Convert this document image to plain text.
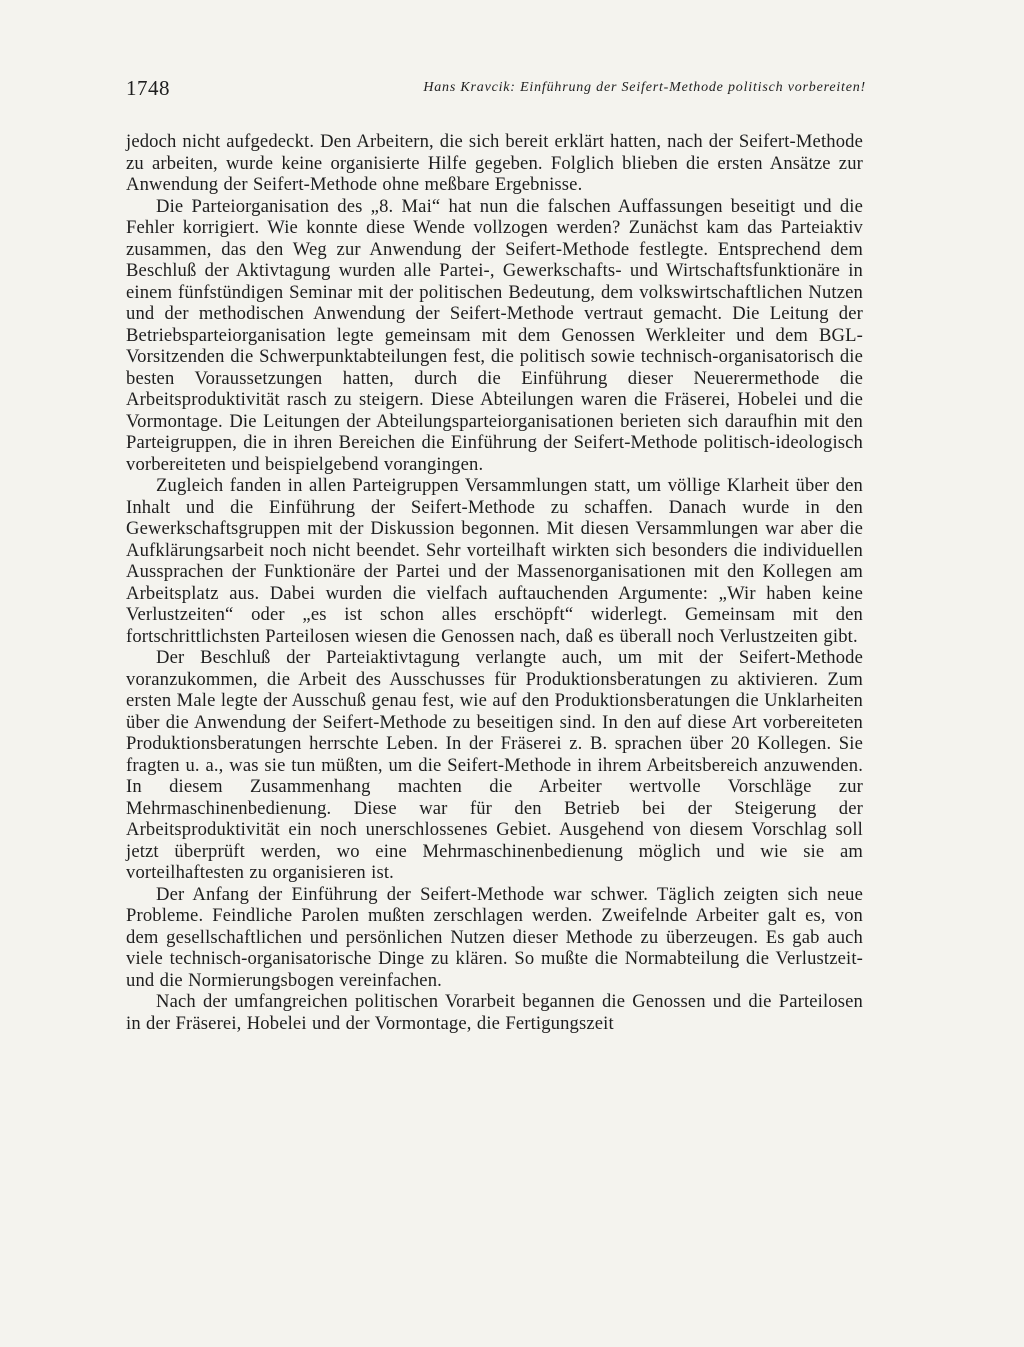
1748	Hans Kravcik: Einführung der Seifert-Methode politisch vorbereiten!

jedoch nicht aufgedeckt. Den Arbeitern, die sich bereit erklärt hatten, nach der Seifert-Methode zu arbeiten, wurde keine organisierte Hilfe gegeben. Folglich blieben die ersten Ansätze zur Anwendung der Seifert-Methode ohne meßbare Ergebnisse.

Die Parteiorganisation des „8. Mai“ hat nun die falschen Auffassungen beseitigt und die Fehler korrigiert. Wie konnte diese Wende vollzogen werden? Zunächst kam das Parteiaktiv zusammen, das den Weg zur Anwendung der Seifert-Methode festlegte. Entsprechend dem Beschluß der Aktivtagung wurden alle Partei-, Gewerkschafts- und Wirtschaftsfunktionäre in einem fünfstündigen Seminar mit der politischen Bedeutung, dem volkswirtschaftlichen Nutzen und der methodischen Anwendung der Seifert-Methode vertraut gemacht. Die Leitung der Betriebsparteiorganisation legte gemeinsam mit dem Genossen Werkleiter und dem BGL-Vorsitzenden die Schwerpunktabteilungen fest, die politisch sowie technisch-organisatorisch die besten Voraussetzungen hatten, durch die Einführung dieser Neuerermethode die Arbeitsproduktivität rasch zu steigern. Diese Abteilungen waren die Fräserei, Hobelei und die Vormontage. Die Leitungen der Abteilungsparteiorganisationen berieten sich daraufhin mit den Parteigruppen, die in ihren Bereichen die Einführung der Seifert-Methode politisch-ideologisch vorbereiteten und beispielgebend vorangingen.

Zugleich fanden in allen Parteigruppen Versammlungen statt, um völlige Klarheit über den Inhalt und die Einführung der Seifert-Methode zu schaffen. Danach wurde in den Gewerkschaftsgruppen mit der Diskussion begonnen. Mit diesen Versammlungen war aber die Aufklärungsarbeit noch nicht beendet. Sehr vorteilhaft wirkten sich besonders die individuellen Aussprachen der Funktionäre der Partei und der Massenorganisationen mit den Kollegen am Arbeitsplatz aus. Dabei wurden die vielfach auftauchenden Argumente: „Wir haben keine Verlustzeiten“ oder „es ist schon alles erschöpft“ widerlegt. Gemeinsam mit den fortschrittlichsten Parteilosen wiesen die Genossen nach, daß es überall noch Verlustzeiten gibt.

Der Beschluß der Parteiaktivtagung verlangte auch, um mit der Seifert-Methode voranzukommen, die Arbeit des Ausschusses für Produktionsberatungen zu aktivieren. Zum ersten Male legte der Ausschuß genau fest, wie auf den Produktionsberatungen die Unklarheiten über die Anwendung der Seifert-Methode zu beseitigen sind. In den auf diese Art vorbereiteten Produktionsberatungen herrschte Leben. In der Fräserei z. B. sprachen über 20 Kollegen. Sie fragten u. a., was sie tun müßten, um die Seifert-Methode in ihrem Arbeitsbereich anzuwenden. In diesem Zusammenhang machten die Arbeiter wertvolle Vorschläge zur Mehrmaschinenbedienung. Diese war für den Betrieb bei der Steigerung der Arbeitsproduktivität ein noch unerschlossenes Gebiet. Ausgehend von diesem Vorschlag soll jetzt überprüft werden, wo eine Mehrmaschinenbedienung möglich und wie sie am vorteilhaftesten zu organisieren ist.

Der Anfang der Einführung der Seifert-Methode war schwer. Täglich zeigten sich neue Probleme. Feindliche Parolen mußten zerschlagen werden. Zweifelnde Arbeiter galt es, von dem gesellschaftlichen und persönlichen Nutzen dieser Methode zu überzeugen. Es gab auch viele technisch-organisatorische Dinge zu klären. So mußte die Normabteilung die Verlustzeit- und die Normierungsbogen vereinfachen.

Nach der umfangreichen politischen Vorarbeit begannen die Genossen und die Parteilosen in der Fräserei, Hobelei und der Vormontage, die Fertigungszeit
